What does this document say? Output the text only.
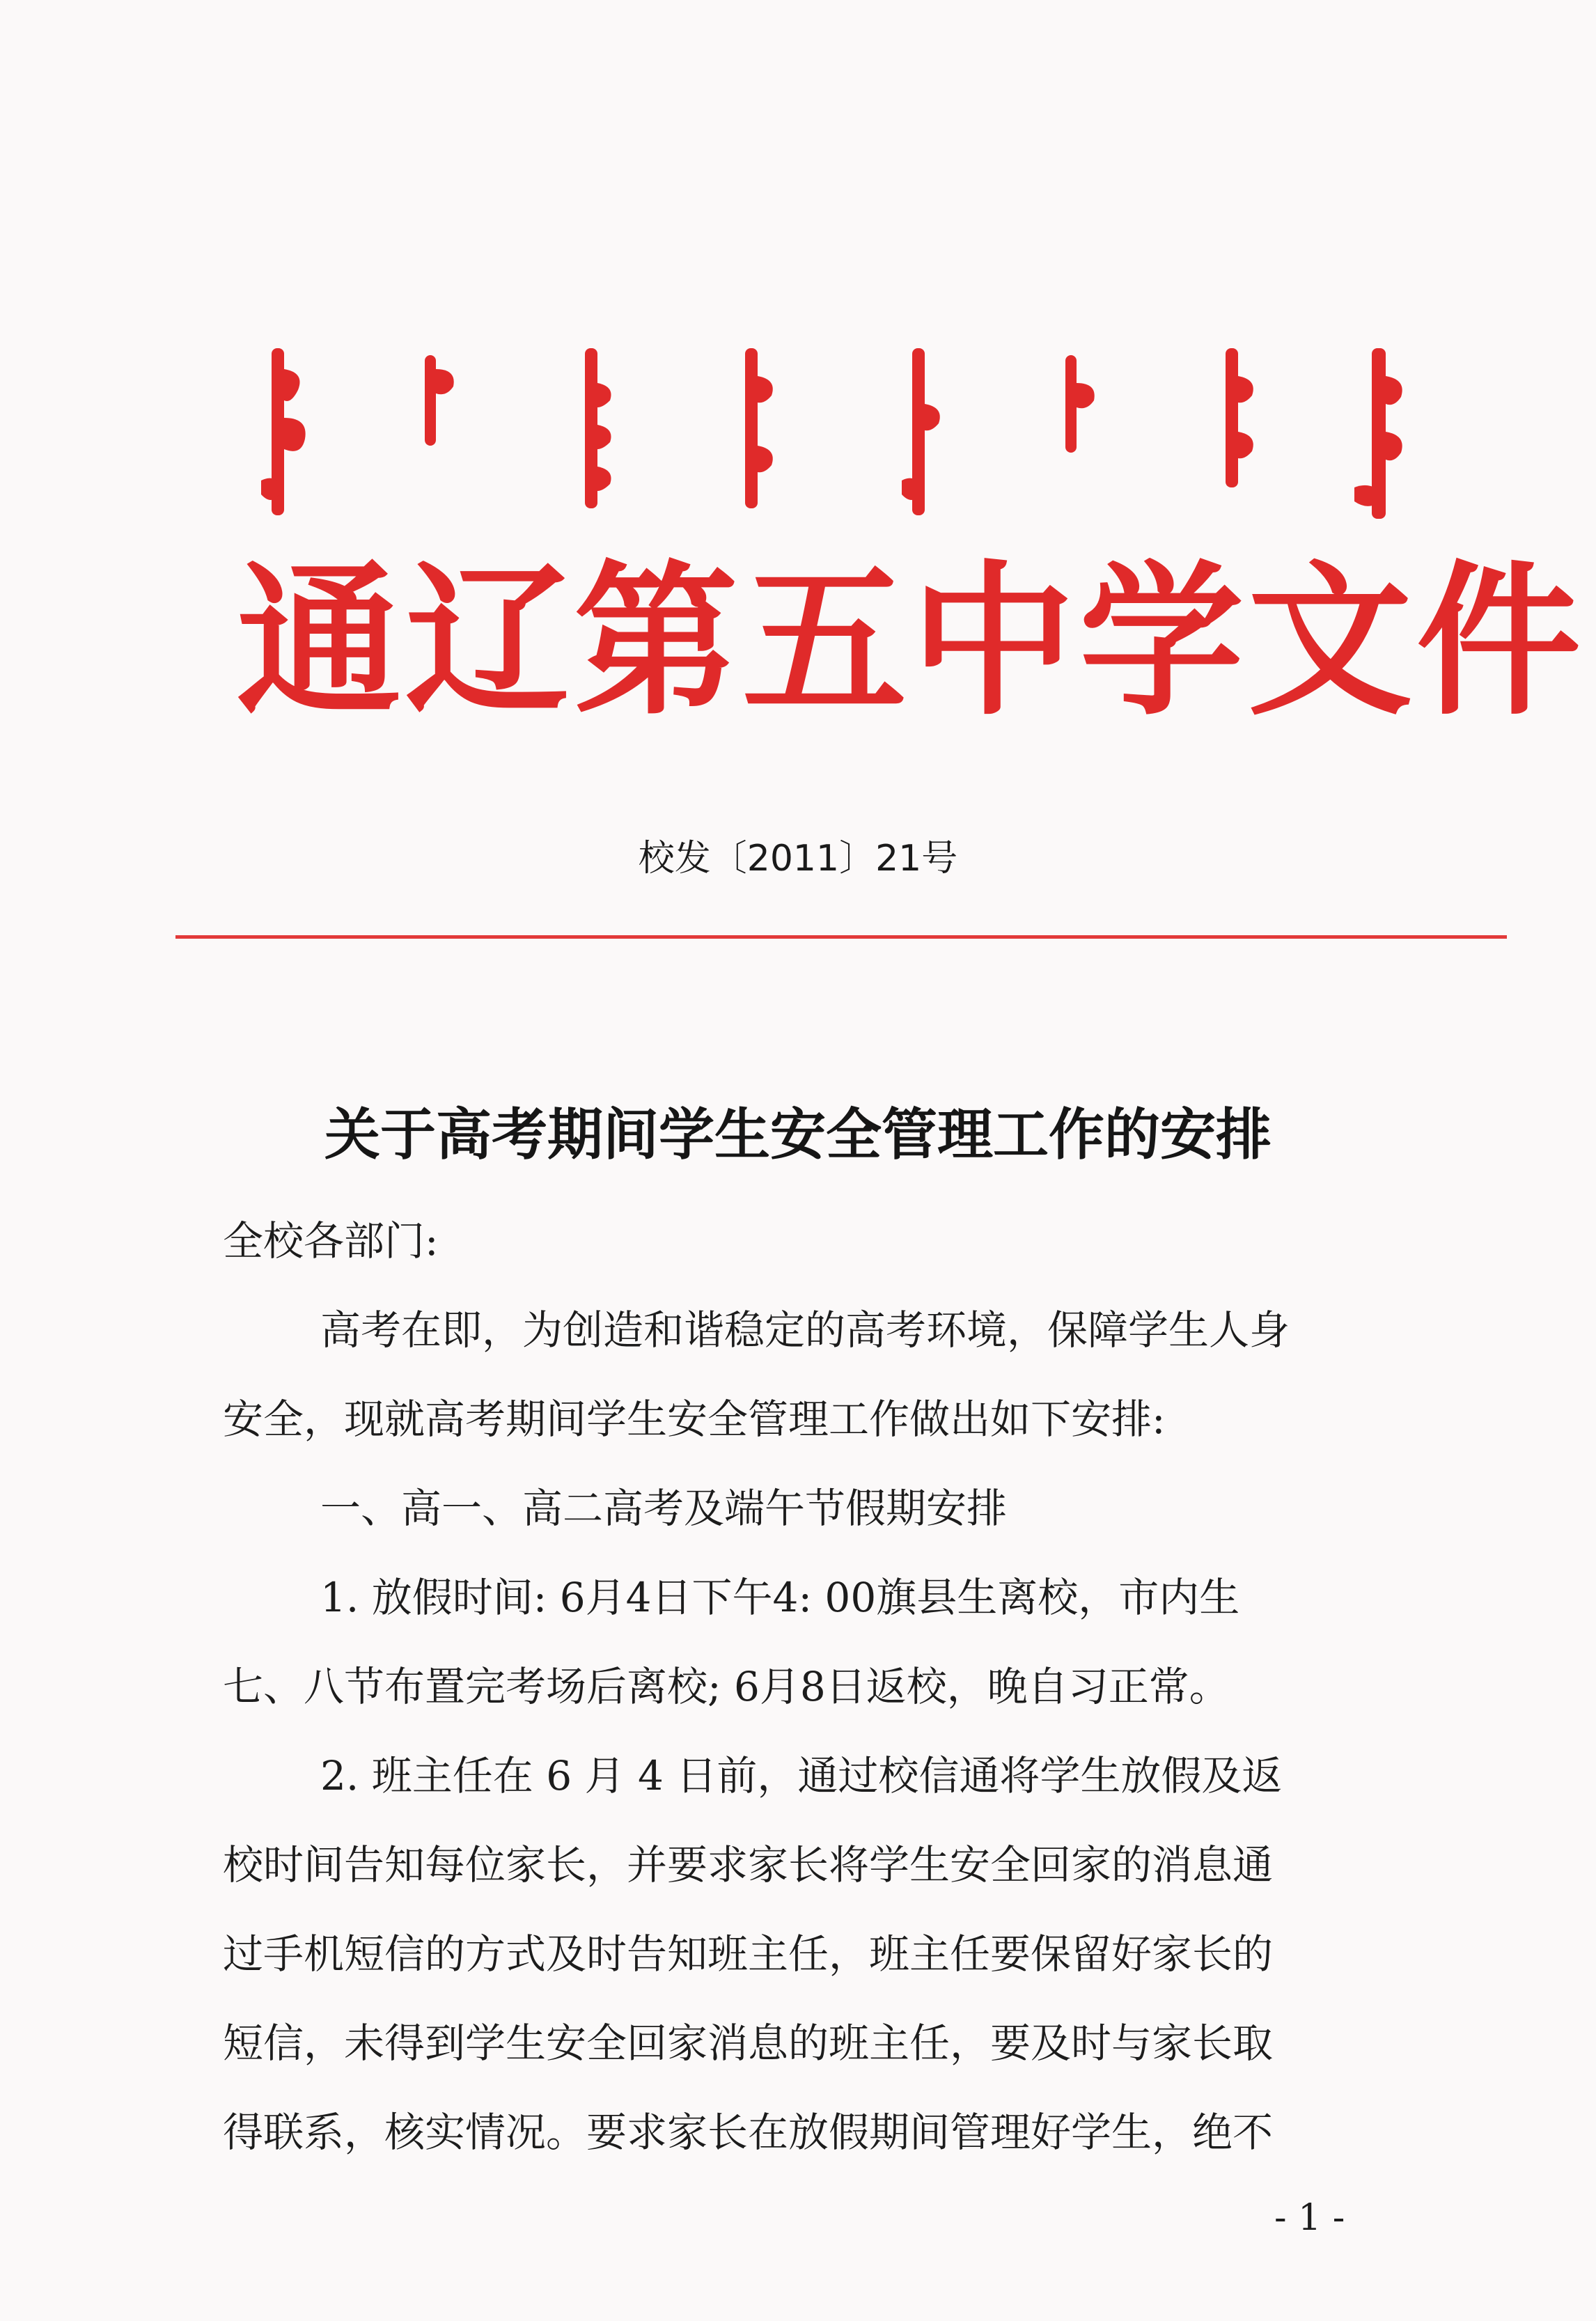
通辽第五中学文件
校发〔2011〕21号
关于高考期间学生安全管理工作的安排

全校各部门:

高考在即，为创造和谐稳定的高考环境，保障学生人身

安全，现就高考期间学生安全管理工作做出如下安排:

一、高一、高二高考及端午节假期安排

1. 放假时间: 6月4日下午4: 00旗县生离校，市内生

七、八节布置完考场后离校; 6月8日返校，晚自习正常。

2. 班主任在 6 月 4 日前，通过校信通将学生放假及返

校时间告知每位家长，并要求家长将学生安全回家的消息通

过手机短信的方式及时告知班主任，班主任要保留好家长的

短信，未得到学生安全回家消息的班主任，要及时与家长取

得联系，核实情况。要求家长在放假期间管理好学生，绝不

- 1 -
